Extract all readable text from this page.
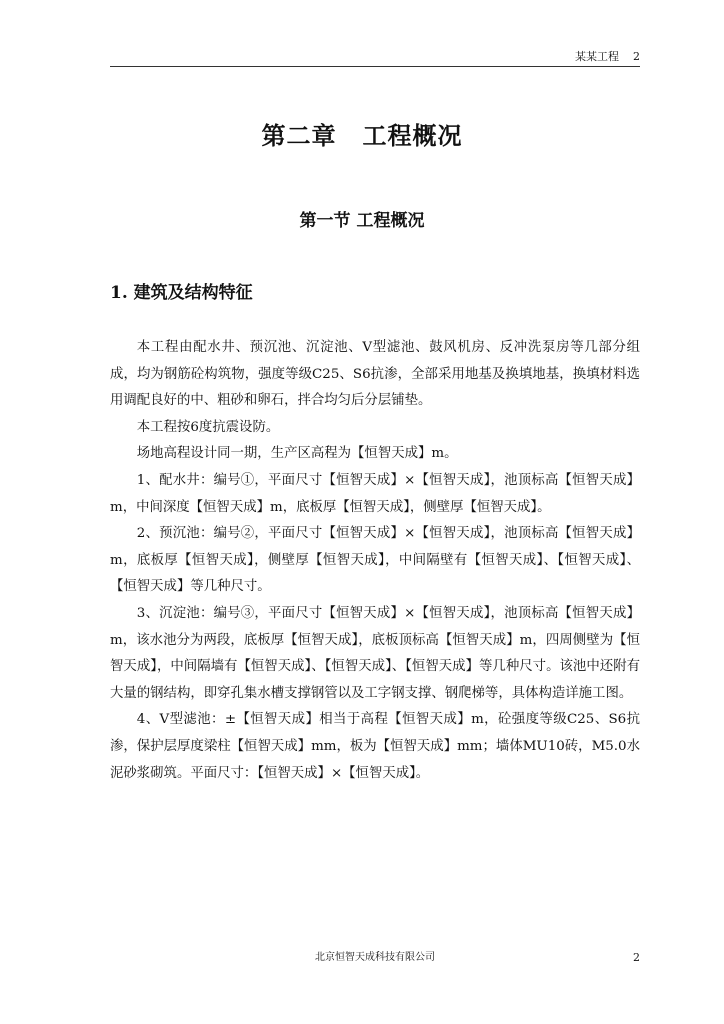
某某工程 2
第二章 工程概况
第一节 工程概况
1. 建筑及结构特征

本工程由配水井、预沉池、沉淀池、V型滤池、鼓风机房、反冲洗泵房等几部分组成，均为钢筋砼构筑物，强度等级C25、S6抗渗，全部采用地基及换填地基，换填材料选用调配良好的中、粗砂和卵石，拌合均匀后分层铺垫。

本工程按6度抗震设防。

场地高程设计同一期，生产区高程为【恒智天成】m。

1、配水井：编号①，平面尺寸【恒智天成】×【恒智天成】，池顶标高【恒智天成】m，中间深度【恒智天成】m，底板厚【恒智天成】，侧壁厚【恒智天成】。

2、预沉池：编号②，平面尺寸【恒智天成】×【恒智天成】，池顶标高【恒智天成】m，底板厚【恒智天成】，侧壁厚【恒智天成】，中间隔壁有【恒智天成】、【恒智天成】、【恒智天成】等几种尺寸。

3、沉淀池：编号③，平面尺寸【恒智天成】×【恒智天成】，池顶标高【恒智天成】m，该水池分为两段，底板厚【恒智天成】，底板顶标高【恒智天成】m，四周侧壁为【恒智天成】，中间隔墙有【恒智天成】、【恒智天成】、【恒智天成】等几种尺寸。该池中还附有大量的钢结构，即穿孔集水槽支撑钢管以及工字钢支撑、钢爬梯等，具体构造详施工图。

4、V型滤池：±【恒智天成】相当于高程【恒智天成】m，砼强度等级C25、S6抗渗，保护层厚度梁柱【恒智天成】mm，板为【恒智天成】mm；墙体MU10砖，M5.0水泥砂浆砌筑。平面尺寸：【恒智天成】×【恒智天成】。

北京恒智天成科技有限公司	2
